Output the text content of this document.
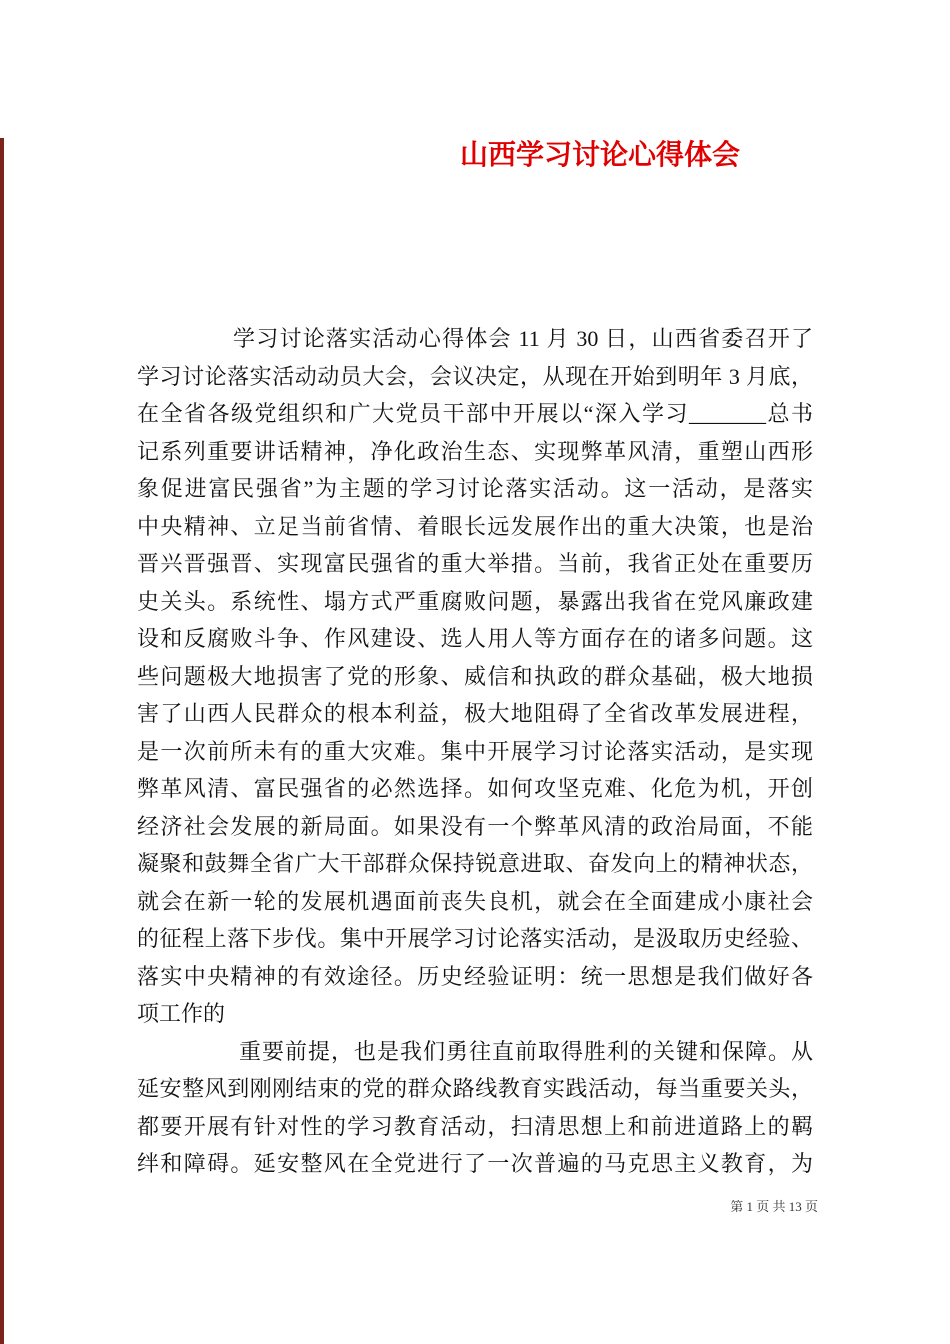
山西学习讨论心得体会
学习讨论落实活动心得体会 11 月 30 日，山西省委召开了
学习讨论落实活动动员大会，会议决定，从现在开始到明年 3 月底，
在全省各级党组织和广大党员干部中开展以“深入学习_______总书
记系列重要讲话精神，净化政治生态、实现弊革风清，重塑山西形
象促进富民强省”为主题的学习讨论落实活动。这一活动，是落实
中央精神、立足当前省情、着眼长远发展作出的重大决策，也是治
晋兴晋强晋、实现富民强省的重大举措。当前，我省正处在重要历
史关头。系统性、塌方式严重腐败问题，暴露出我省在党风廉政建
设和反腐败斗争、作风建设、选人用人等方面存在的诸多问题。这
些问题极大地损害了党的形象、威信和执政的群众基础，极大地损
害了山西人民群众的根本利益，极大地阻碍了全省改革发展进程，
是一次前所未有的重大灾难。集中开展学习讨论落实活动，是实现
弊革风清、富民强省的必然选择。如何攻坚克难、化危为机，开创
经济社会发展的新局面。如果没有一个弊革风清的政治局面，不能
凝聚和鼓舞全省广大干部群众保持锐意进取、奋发向上的精神状态，
就会在新一轮的发展机遇面前丧失良机，就会在全面建成小康社会
的征程上落下步伐。集中开展学习讨论落实活动，是汲取历史经验、
落实中央精神的有效途径。历史经验证明：统一思想是我们做好各
项工作的
重要前提，也是我们勇往直前取得胜利的关键和保障。从
延安整风到刚刚结束的党的群众路线教育实践活动，每当重要关头，
都要开展有针对性的学习教育活动，扫清思想上和前进道路上的羁
绊和障碍。延安整风在全党进行了一次普遍的马克思主义教育，为
第 1 页 共 13 页
